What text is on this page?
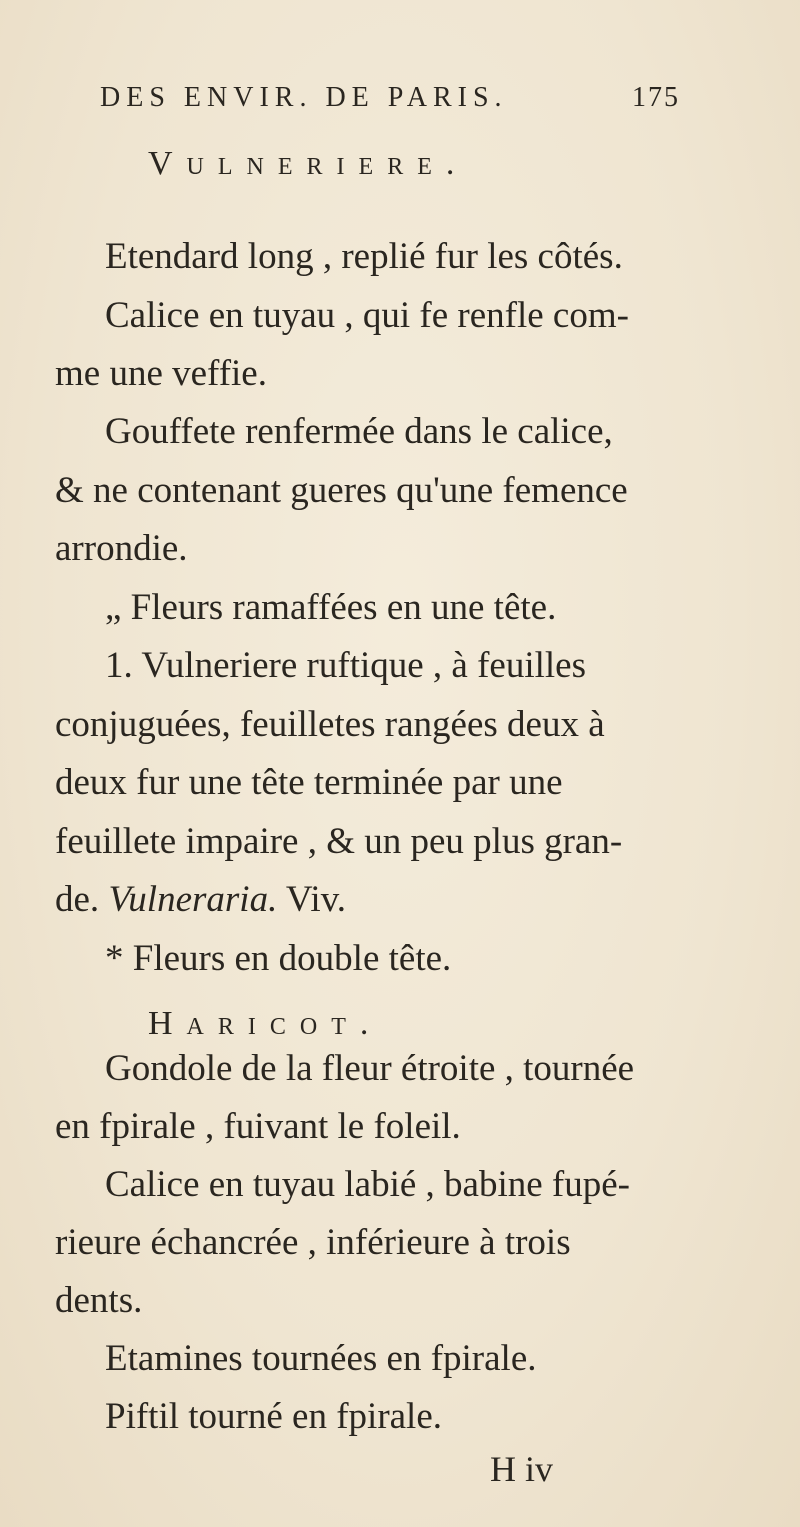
DES ENVIR. DE PARIS.	175
Vulneriere.
Etendard long , replié fur les côtés.
Calice en tuyau , qui fe renfle com-
me une veffie.
Gouffete renfermée dans le calice,
& ne contenant gueres qu'une femence
arrondie.
„ Fleurs ramaffées en une tête.
1. Vulneriere ruftique , à feuilles
conjuguées, feuilletes rangées deux à
deux fur une tête terminée par une
feuillete impaire , & un peu plus gran-
de. Vulneraria. Viv.
* Fleurs en double tête.
Haricot.
Gondole de la fleur étroite , tournée
en fpirale , fuivant le foleil.
Calice en tuyau labié , babine fupé-
rieure échancrée , inférieure à trois
dents.
Etamines tournées en fpirale.
Piftil tourné en fpirale.
H iv
